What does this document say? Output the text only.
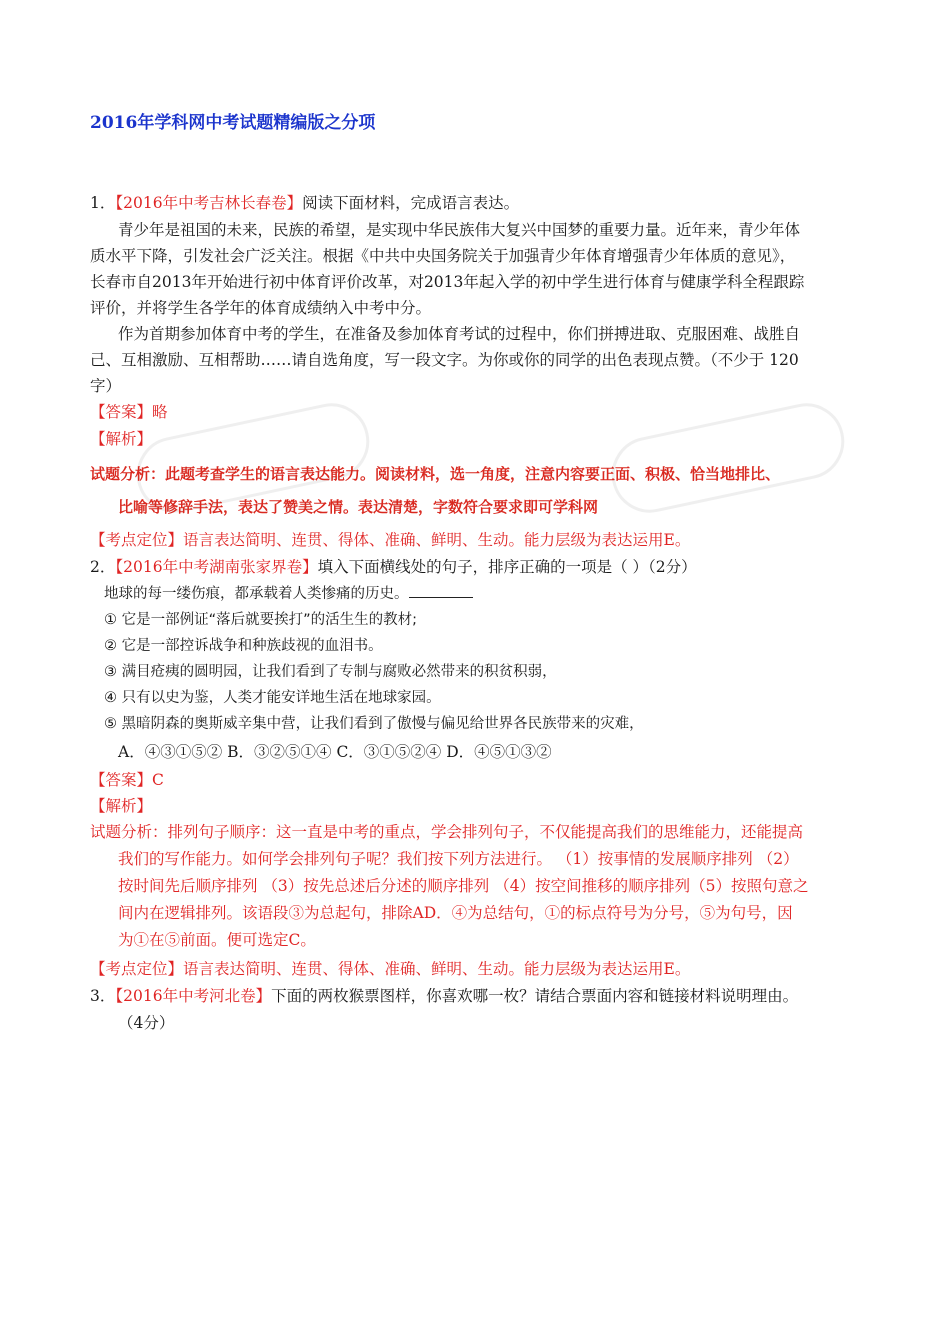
2016年学科网中考试题精编版之分项
1．【2016年中考吉林长春卷】阅读下面材料，完成语言表达。
青少年是祖国的未来，民族的希望，是实现中华民族伟大复兴中国梦的重要力量。近年来，青少年体
质水平下降，引发社会广泛关注。根据《中共中央国务院关于加强青少年体育增强青少年体质的意见》，
长春市自2013年开始进行初中体育评价改革，对2013年起入学的初中学生进行体育与健康学科全程跟踪
评价，并将学生各学年的体育成绩纳入中考中分。
作为首期参加体育中考的学生，在准备及参加体育考试的过程中，你们拼搏进取、克服困难、战胜自
己、互相激励、互相帮助……请自选角度，写一段文字。为你或你的同学的出色表现点赞。（不少于 120
字）
【答案】略
【解析】
试题分析：此题考查学生的语言表达能力。阅读材料，选一角度，注意内容要正面、积极、恰当地排比、
比喻等修辞手法，表达了赞美之情。表达清楚，字数符合要求即可学科网
【考点定位】语言表达简明、连贯、得体、准确、鲜明、生动。能力层级为表达运用E。
2．【2016年中考湖南张家界卷】填入下面横线处的句子，排序正确的一项是（ ）（2分）
地球的每一缕伤痕，都承载着人类惨痛的历史。
① 它是一部例证“落后就要挨打”的活生生的教材;
② 它是一部控诉战争和种族歧视的血泪书。
③ 满目疮痍的圆明园，让我们看到了专制与腐败必然带来的积贫积弱，
④ 只有以史为鉴，人类才能安详地生活在地球家园。
⑤ 黑暗阴森的奥斯威辛集中营，让我们看到了傲慢与偏见给世界各民族带来的灾难，
A．④③①⑤② B．③②⑤①④ C．③①⑤②④ D．④⑤①③②
【答案】C
【解析】
试题分析：排列句子顺序：这一直是中考的重点，学会排列句子，不仅能提高我们的思维能力，还能提高
我们的写作能力。如何学会排列句子呢？我们按下列方法进行。 （1）按事情的发展顺序排列 （2）
按时间先后顺序排列 （3）按先总述后分述的顺序排列 （4）按空间推移的顺序排列（5）按照句意之
间内在逻辑排列。该语段③为总起句，排除AD．④为总结句，①的标点符号为分号，⑤为句号，因
为①在⑤前面。便可选定C。
【考点定位】语言表达简明、连贯、得体、准确、鲜明、生动。能力层级为表达运用E。
3．【2016年中考河北卷】下面的两枚猴票图样，你喜欢哪一枚？请结合票面内容和链接材料说明理由。
（4分）
